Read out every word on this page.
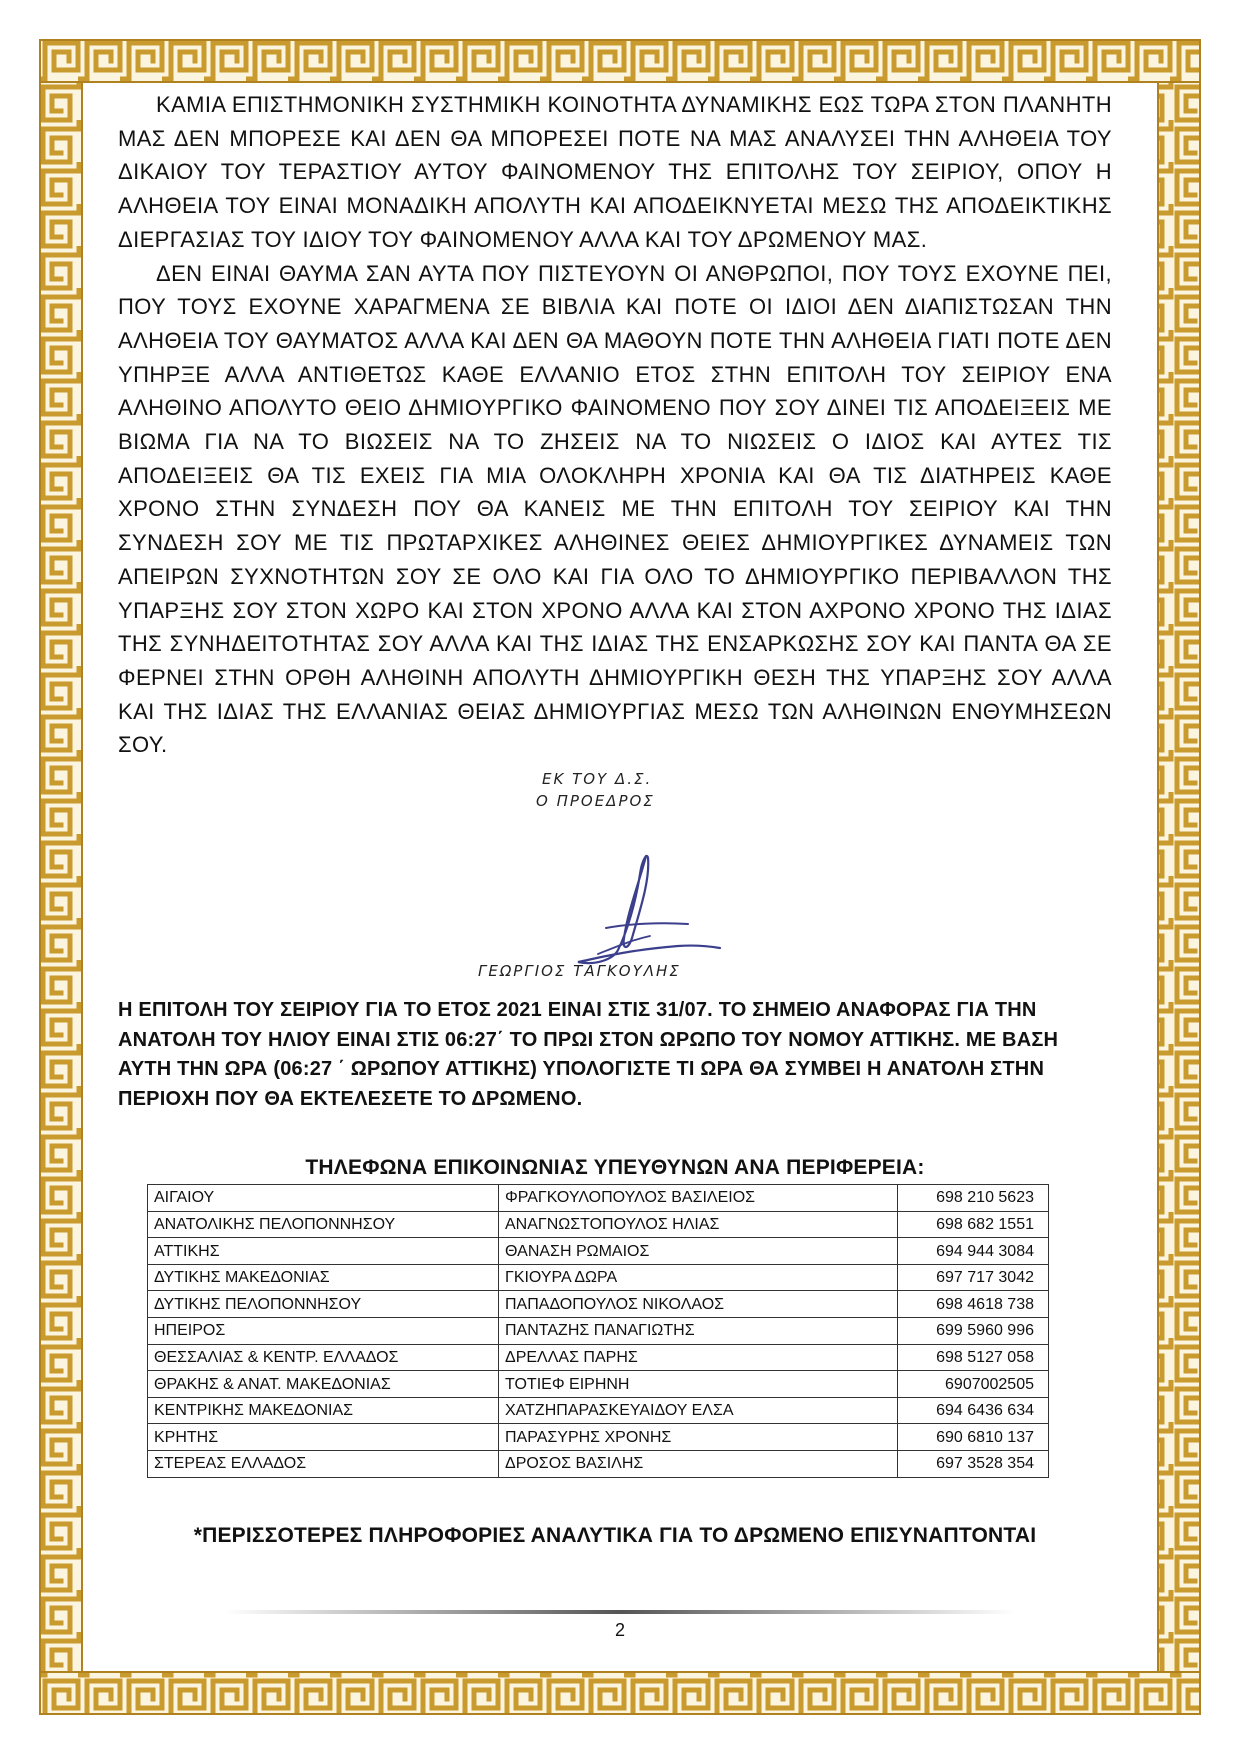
ΚΑΜΙΑ ΕΠΙΣΤΗΜΟΝΙΚΗ ΣΥΣΤΗΜΙΚΗ ΚΟΙΝΟΤΗΤΑ ΔΥΝΑΜΙΚΗΣ ΕΩΣ ΤΩΡΑ ΣΤΟΝ ΠΛΑΝΗΤΗ ΜΑΣ ΔΕΝ ΜΠΟΡΕΣΕ ΚΑΙ ΔΕΝ ΘΑ ΜΠΟΡΕΣΕΙ ΠΟΤΕ ΝΑ ΜΑΣ ΑΝΑΛΥΣΕΙ ΤΗΝ ΑΛΗΘΕΙΑ ΤΟΥ ΔΙΚΑΙΟΥ ΤΟΥ ΤΕΡΑΣΤΙΟΥ ΑΥΤΟΥ ΦΑΙΝΟΜΕΝΟΥ ΤΗΣ ΕΠΙΤΟΛΗΣ ΤΟΥ ΣΕΙΡΙΟΥ, ΟΠΟΥ Η ΑΛΗΘΕΙΑ ΤΟΥ ΕΙΝΑΙ ΜΟΝΑΔΙΚΗ ΑΠΟΛΥΤΗ ΚΑΙ ΑΠΟΔΕΙΚΝΥΕΤΑΙ ΜΕΣΩ ΤΗΣ ΑΠΟΔΕΙΚΤΙΚΗΣ ΔΙΕΡΓΑΣΙΑΣ ΤΟΥ ΙΔΙΟΥ ΤΟΥ ΦΑΙΝΟΜΕΝΟΥ ΑΛΛΑ ΚΑΙ ΤΟΥ ΔΡΩΜΕΝΟΥ ΜΑΣ.

ΔΕΝ ΕΙΝΑΙ ΘΑΥΜΑ ΣΑΝ ΑΥΤΑ ΠΟΥ ΠΙΣΤΕΥΟΥΝ ΟΙ ΑΝΘΡΩΠΟΙ, ΠΟΥ ΤΟΥΣ ΕΧΟΥΝΕ ΠΕΙ, ΠΟΥ ΤΟΥΣ ΕΧΟΥΝΕ ΧΑΡΑΓΜΕΝΑ ΣΕ ΒΙΒΛΙΑ ΚΑΙ ΠΟΤΕ ΟΙ ΙΔΙΟΙ ΔΕΝ ΔΙΑΠΙΣΤΩΣΑΝ ΤΗΝ ΑΛΗΘΕΙΑ ΤΟΥ ΘΑΥΜΑΤΟΣ ΑΛΛΑ ΚΑΙ ΔΕΝ ΘΑ ΜΑΘΟΥΝ ΠΟΤΕ ΤΗΝ ΑΛΗΘΕΙΑ ΓΙΑΤΙ ΠΟΤΕ ΔΕΝ ΥΠΗΡΞΕ ΑΛΛΑ ΑΝΤΙΘΕΤΩΣ ΚΑΘΕ ΕΛΛΑΝΙΟ ΕΤΟΣ ΣΤΗΝ ΕΠΙΤΟΛΗ ΤΟΥ ΣΕΙΡΙΟΥ ΕΝΑ ΑΛΗΘΙΝΟ ΑΠΟΛΥΤΟ ΘΕΙΟ ΔΗΜΙΟΥΡΓΙΚΟ ΦΑΙΝΟΜΕΝΟ ΠΟΥ ΣΟΥ ΔΙΝΕΙ ΤΙΣ ΑΠΟΔΕΙΞΕΙΣ ΜΕ ΒΙΩΜΑ ΓΙΑ ΝΑ ΤΟ ΒΙΩΣΕΙΣ ΝΑ ΤΟ ΖΗΣΕΙΣ ΝΑ ΤΟ ΝΙΩΣΕΙΣ Ο ΙΔΙΟΣ ΚΑΙ ΑΥΤΕΣ ΤΙΣ ΑΠΟΔΕΙΞΕΙΣ ΘΑ ΤΙΣ ΕΧΕΙΣ ΓΙΑ ΜΙΑ ΟΛΟΚΛΗΡΗ ΧΡΟΝΙΑ ΚΑΙ ΘΑ ΤΙΣ ΔΙΑΤΗΡΕΙΣ ΚΑΘΕ ΧΡΟΝΟ ΣΤΗΝ ΣΥΝΔΕΣΗ ΠΟΥ ΘΑ ΚΑΝΕΙΣ ΜΕ ΤΗΝ ΕΠΙΤΟΛΗ ΤΟΥ ΣΕΙΡΙΟΥ ΚΑΙ ΤΗΝ ΣΥΝΔΕΣΗ ΣΟΥ ΜΕ ΤΙΣ ΠΡΩΤΑΡΧΙΚΕΣ ΑΛΗΘΙΝΕΣ ΘΕΙΕΣ ΔΗΜΙΟΥΡΓΙΚΕΣ ΔΥΝΑΜΕΙΣ ΤΩΝ ΑΠΕΙΡΩΝ ΣΥΧΝΟΤΗΤΩΝ ΣΟΥ ΣΕ ΟΛΟ ΚΑΙ ΓΙΑ ΟΛΟ ΤΟ ΔΗΜΙΟΥΡΓΙΚΟ ΠΕΡΙΒΑΛΛΟΝ ΤΗΣ ΥΠΑΡΞΗΣ ΣΟΥ ΣΤΟΝ ΧΩΡΟ ΚΑΙ ΣΤΟΝ ΧΡΟΝΟ ΑΛΛΑ ΚΑΙ ΣΤΟΝ ΑΧΡΟΝΟ ΧΡΟΝΟ ΤΗΣ ΙΔΙΑΣ ΤΗΣ ΣΥΝΗΔΕΙΤΟΤΗΤΑΣ ΣΟΥ ΑΛΛΑ ΚΑΙ ΤΗΣ ΙΔΙΑΣ ΤΗΣ ΕΝΣΑΡΚΩΣΗΣ ΣΟΥ ΚΑΙ ΠΑΝΤΑ ΘΑ ΣΕ ΦΕΡΝΕΙ ΣΤΗΝ ΟΡΘΗ ΑΛΗΘΙΝΗ ΑΠΟΛΥΤΗ ΔΗΜΙΟΥΡΓΙΚΗ ΘΕΣΗ ΤΗΣ ΥΠΑΡΞΗΣ ΣΟΥ ΑΛΛΑ ΚΑΙ ΤΗΣ ΙΔΙΑΣ ΤΗΣ ΕΛΛΑΝΙΑΣ ΘΕΙΑΣ ΔΗΜΙΟΥΡΓΙΑΣ ΜΕΣΩ ΤΩΝ ΑΛΗΘΙΝΩΝ ΕΝΘΥΜΗΣΕΩΝ ΣΟΥ.

ΕΚ ΤΟΥ Δ.Σ.
Ο ΠΡΟΕΔΡΟΣ
ΓΕΩΡΓΙΟΣ ΤΑΓΚΟΥΛΗΣ

Η ΕΠΙΤΟΛΗ ΤΟΥ ΣΕΙΡΙΟΥ ΓΙΑ ΤΟ ΕΤΟΣ 2021 ΕΙΝΑΙ ΣΤΙΣ 31/07. ΤΟ ΣΗΜΕΙΟ ΑΝΑΦΟΡΑΣ ΓΙΑ ΤΗΝ ΑΝΑΤΟΛΗ ΤΟΥ ΗΛΙΟΥ ΕΙΝΑΙ ΣΤΙΣ 06:27΄ ΤΟ ΠΡΩΙ ΣΤΟΝ ΩΡΩΠΟ ΤΟΥ ΝΟΜΟΥ ΑΤΤΙΚΗΣ. ΜΕ ΒΑΣΗ ΑΥΤΗ ΤΗΝ ΩΡΑ (06:27 ΄ ΩΡΩΠΟΥ ΑΤΤΙΚΗΣ) ΥΠΟΛΟΓΙΣΤΕ ΤΙ ΩΡΑ ΘΑ ΣΥΜΒΕΙ Η ΑΝΑΤΟΛΗ ΣΤΗΝ ΠΕΡΙΟΧΗ ΠΟΥ ΘΑ ΕΚΤΕΛΕΣΕΤΕ ΤΟ ΔΡΩΜΕΝΟ.

ΤΗΛΕΦΩΝΑ ΕΠΙΚΟΙΝΩΝΙΑΣ ΥΠΕΥΘΥΝΩΝ ΑΝΑ ΠΕΡΙΦΕΡΕΙΑ:
ΑΙΓΑΙΟΥ	ΦΡΑΓΚΟΥΛΟΠΟΥΛΟΣ ΒΑΣΙΛΕΙΟΣ	698 210 5623
ΑΝΑΤΟΛΙΚΗΣ ΠΕΛΟΠΟΝΝΗΣΟΥ	ΑΝΑΓΝΩΣΤΟΠΟΥΛΟΣ ΗΛΙΑΣ	698 682 1551
ΑΤΤΙΚΗΣ	ΘΑΝΑΣΗ ΡΩΜΑΙΟΣ	694 944 3084
ΔΥΤΙΚΗΣ ΜΑΚΕΔΟΝΙΑΣ	ΓΚΙΟΥΡΑ ΔΩΡΑ	697 717 3042
ΔΥΤΙΚΗΣ ΠΕΛΟΠΟΝΝΗΣΟΥ	ΠΑΠΑΔΟΠΟΥΛΟΣ ΝΙΚΟΛΑΟΣ	698 4618 738
ΗΠΕΙΡΟΣ	ΠΑΝΤΑΖΗΣ ΠΑΝΑΓΙΩΤΗΣ	699 5960 996
ΘΕΣΣΑΛΙΑΣ & ΚΕΝΤΡ. ΕΛΛΑΔΟΣ	ΔΡΕΛΛΑΣ ΠΑΡΗΣ	698 5127 058
ΘΡΑΚΗΣ & ΑΝΑΤ. ΜΑΚΕΔΟΝΙΑΣ	ΤΟΤΙΕΦ ΕΙΡΗΝΗ	6907002505
ΚΕΝΤΡΙΚΗΣ ΜΑΚΕΔΟΝΙΑΣ	ΧΑΤΖΗΠΑΡΑΣΚΕΥΑΙΔΟΥ ΕΛΣΑ	694 6436 634
ΚΡΗΤΗΣ	ΠΑΡΑΣΥΡΗΣ ΧΡΟΝΗΣ	690 6810 137
ΣΤΕΡΕΑΣ ΕΛΛΑΔΟΣ	ΔΡΟΣΟΣ ΒΑΣΙΛΗΣ	697 3528 354
*ΠΕΡΙΣΣΟΤΕΡΕΣ ΠΛΗΡΟΦΟΡΙΕΣ ΑΝΑΛΥΤΙΚΑ ΓΙΑ ΤΟ ΔΡΩΜΕΝΟ ΕΠΙΣΥΝΑΠΤΟΝΤΑΙ
2
